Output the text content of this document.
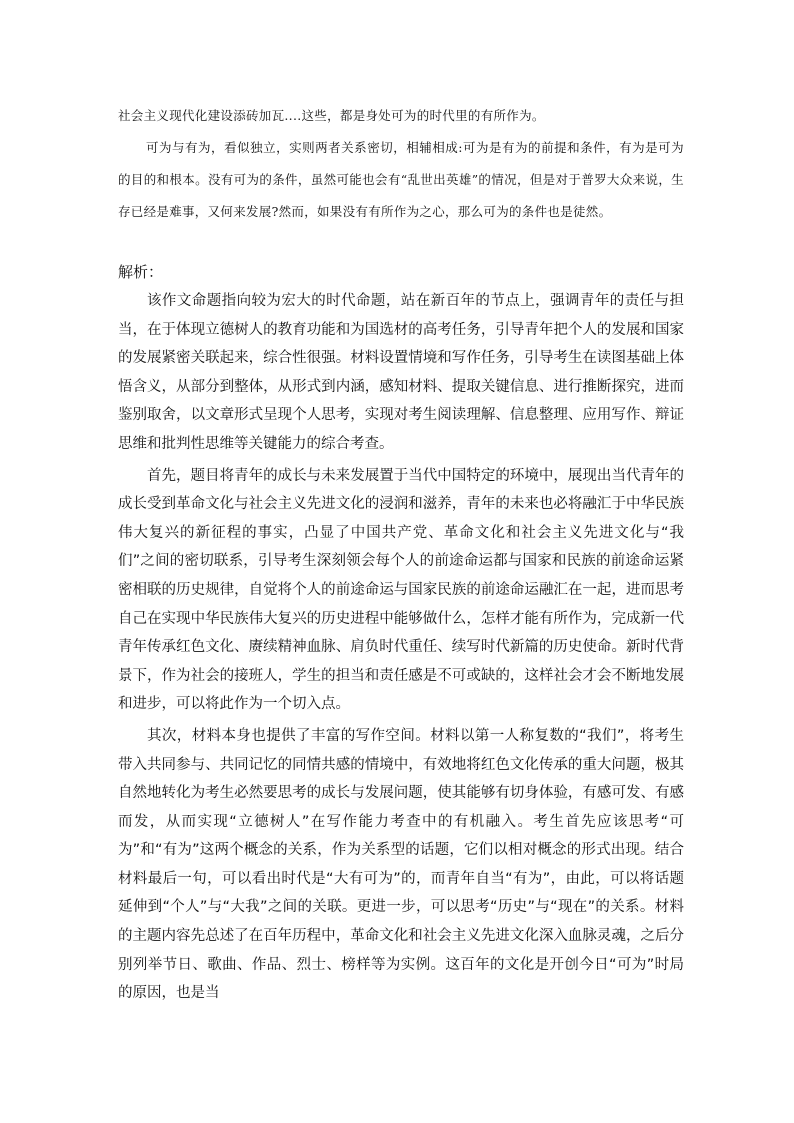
社会主义现代化建设添砖加瓦....这些，都是身处可为的时代里的有所作为。

可为与有为，看似独立，实则两者关系密切，相辅相成:可为是有为的前提和条件，有为是可为的目的和根本。没有可为的条件，虽然可能也会有“乱世出英雄”的情况，但是对于普罗大众来说，生存已经是难事，又何来发展?然而，如果没有有所作为之心，那么可为的条件也是徒然。

解析：

该作文命题指向较为宏大的时代命题，站在新百年的节点上，强调青年的责任与担当，在于体现立德树人的教育功能和为国选材的高考任务，引导青年把个人的发展和国家的发展紧密关联起来，综合性很强。材料设置情境和写作任务，引导考生在读图基础上体悟含义，从部分到整体，从形式到内涵，感知材料、提取关键信息、进行推断探究，进而鉴别取舍，以文章形式呈现个人思考，实现对考生阅读理解、信息整理、应用写作、辩证思维和批判性思维等关键能力的综合考查。

首先，题目将青年的成长与未来发展置于当代中国特定的环境中，展现出当代青年的成长受到革命文化与社会主义先进文化的浸润和滋养，青年的未来也必将融汇于中华民族伟大复兴的新征程的事实，凸显了中国共产党、革命文化和社会主义先进文化与“我们”之间的密切联系，引导考生深刻领会每个人的前途命运都与国家和民族的前途命运紧密相联的历史规律，自觉将个人的前途命运与国家民族的前途命运融汇在一起，进而思考自己在实现中华民族伟大复兴的历史进程中能够做什么，怎样才能有所作为，完成新一代青年传承红色文化、赓续精神血脉、肩负时代重任、续写时代新篇的历史使命。新时代背景下，作为社会的接班人，学生的担当和责任感是不可或缺的，这样社会才会不断地发展和进步，可以将此作为一个切入点。

其次，材料本身也提供了丰富的写作空间。材料以第一人称复数的“我们”，将考生带入共同参与、共同记忆的同情共感的情境中，有效地将红色文化传承的重大问题，极其自然地转化为考生必然要思考的成长与发展问题，使其能够有切身体验，有感可发、有感而发，从而实现“立德树人”在写作能力考查中的有机融入。考生首先应该思考“可为”和“有为”这两个概念的关系，作为关系型的话题，它们以相对概念的形式出现。结合材料最后一句，可以看出时代是“大有可为”的，而青年自当“有为”，由此，可以将话题延伸到“个人”与“大我”之间的关联。更进一步，可以思考“历史”与“现在”的关系。材料的主题内容先总述了在百年历程中，革命文化和社会主义先进文化深入血脉灵魂，之后分别列举节日、歌曲、作品、烈士、榜样等为实例。这百年的文化是开创今日“可为”时局的原因，也是当
